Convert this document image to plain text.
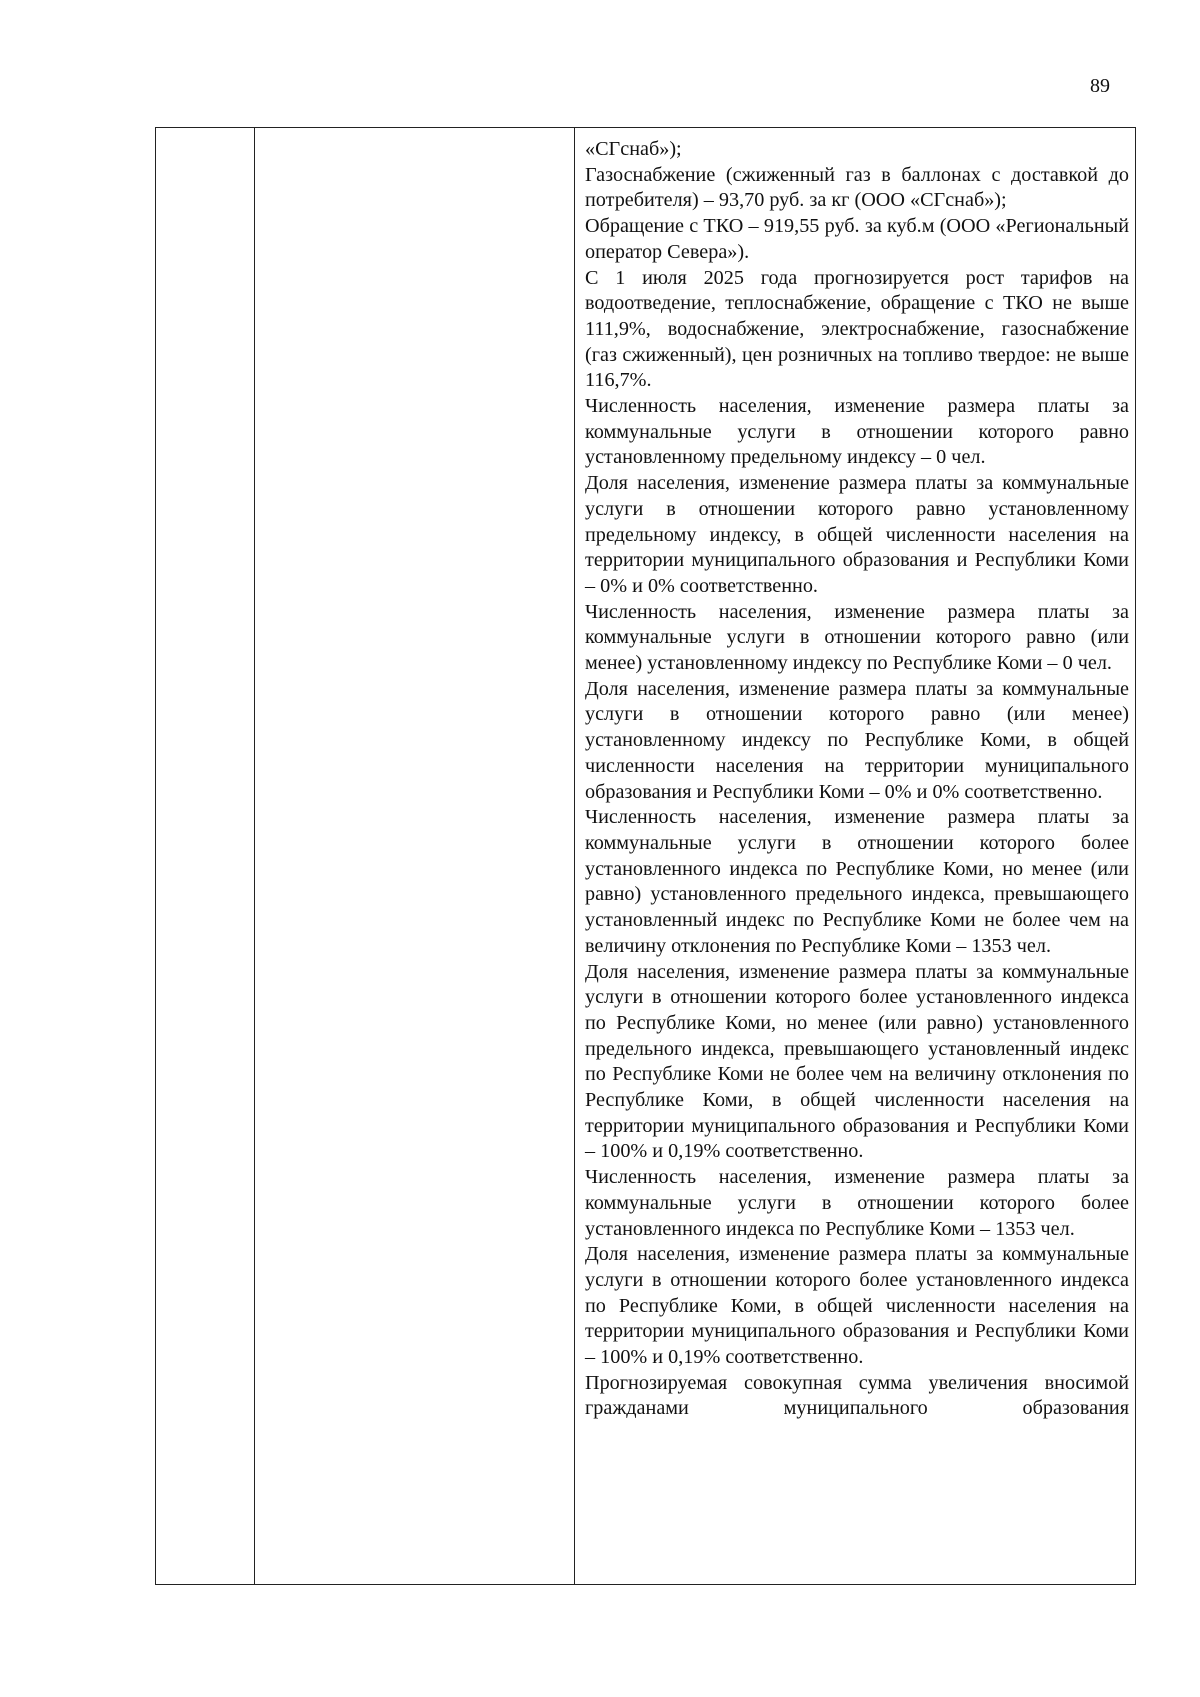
89

«СГснаб»);

Газоснабжение (сжиженный газ в баллонах с доставкой до потребителя) – 93,70 руб. за кг (ООО «СГснаб»);

Обращение с ТКО – 919,55 руб. за куб.м (ООО «Региональный оператор Севера»).

С 1 июля 2025 года прогнозируется рост тарифов на водоотведение, теплоснабжение, обращение с ТКО не выше 111,9%, водоснабжение, электроснабжение, газоснабжение (газ сжиженный), цен розничных на топливо твердое: не выше 116,7%.

Численность населения, изменение размера платы за коммунальные услуги в отношении которого равно установленному предельному индексу – 0 чел.

Доля населения, изменение размера платы за коммунальные услуги в отношении которого равно установленному предельному индексу, в общей численности населения на территории муниципального образования и Республики Коми – 0% и 0% соответственно.

Численность населения, изменение размера платы за коммунальные услуги в отношении которого равно (или менее) установленному индексу по Республике Коми – 0 чел.

Доля населения, изменение размера платы за коммунальные услуги в отношении которого равно (или менее) установленному индексу по Республике Коми, в общей численности населения на территории муниципального образования и Республики Коми – 0% и 0% соответственно.

Численность населения, изменение размера платы за коммунальные услуги в отношении которого более установленного индекса по Республике Коми, но менее (или равно) установленного предельного индекса, превышающего установленный индекс по Республике Коми не более чем на величину отклонения по Республике Коми – 1353 чел.

Доля населения, изменение размера платы за коммунальные услуги в отношении которого более установленного индекса по Республике Коми, но менее (или равно) установленного предельного индекса, превышающего установленный индекс по Республике Коми не более чем на величину отклонения по Республике Коми, в общей численности населения на территории муниципального образования и Республики Коми – 100% и 0,19% соответственно.

Численность населения, изменение размера платы за коммунальные услуги в отношении которого более установленного индекса по Республике Коми – 1353 чел.

Доля населения, изменение размера платы за коммунальные услуги в отношении которого более установленного индекса по Республике Коми, в общей численности населения на территории муниципального образования и Республики Коми – 100% и 0,19% соответственно.

Прогнозируемая совокупная сумма увеличения вносимой гражданами муниципального образования
